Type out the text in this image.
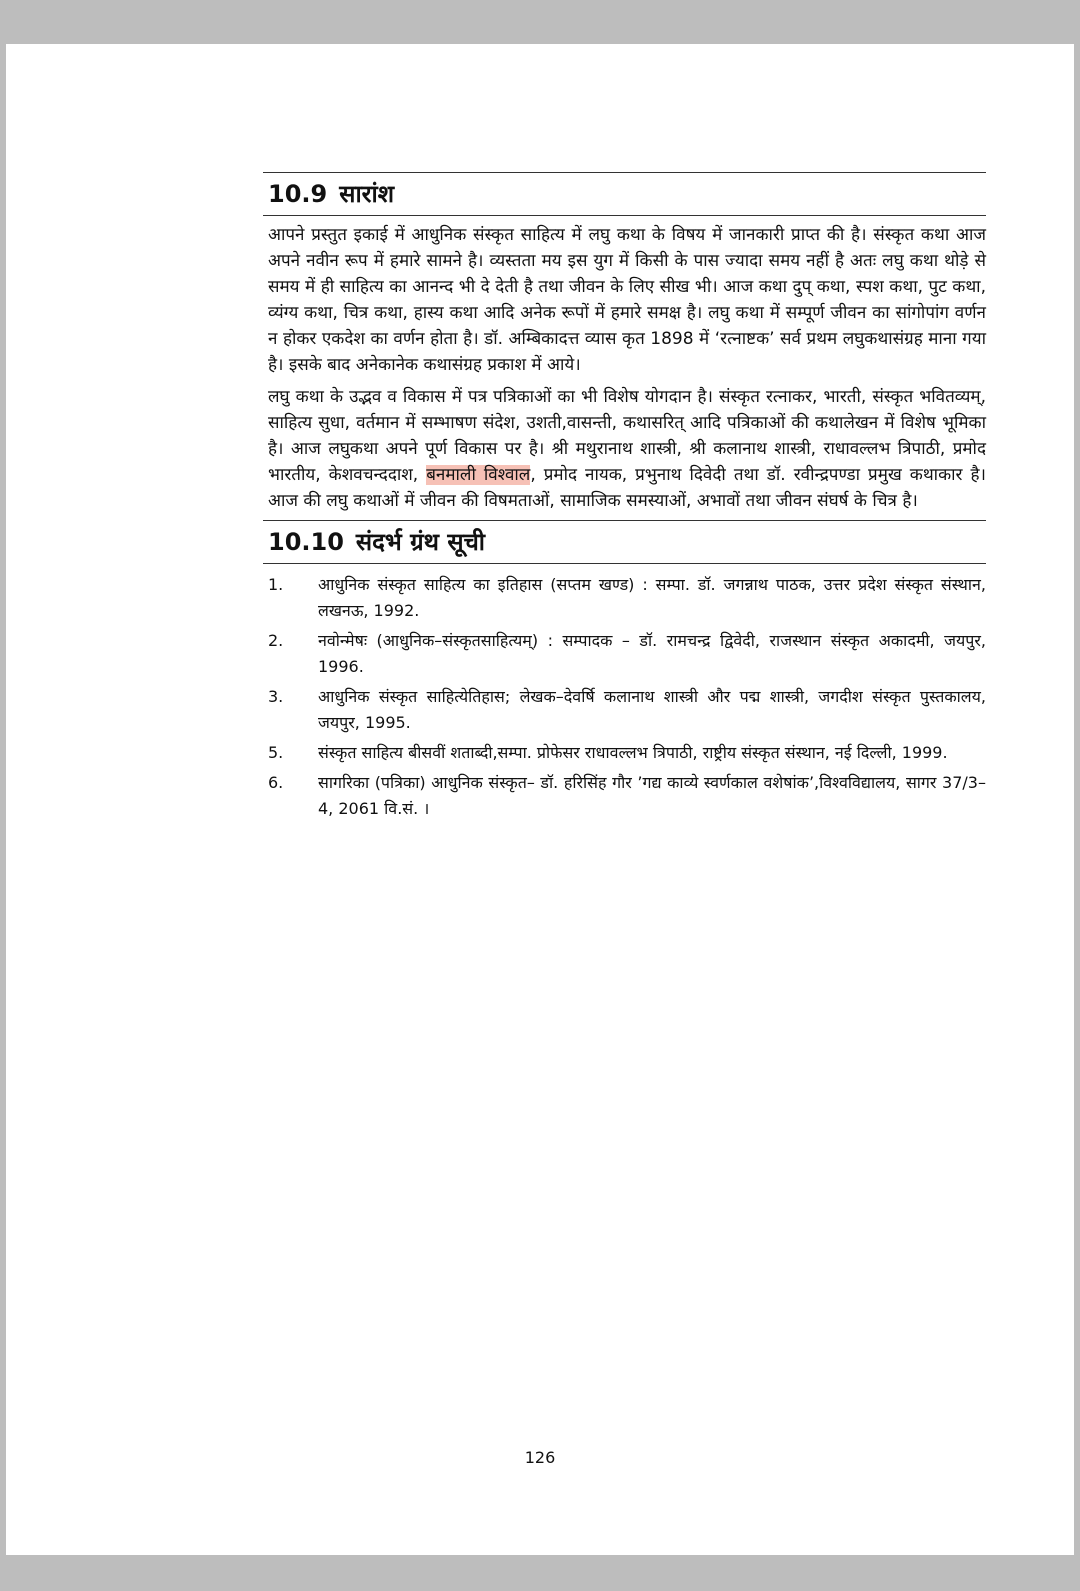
10.9 सारांश

आपने प्रस्तुत इकाई में आधुनिक संस्कृत साहित्य में लघु कथा के विषय में जानकारी प्राप्त की है। संस्कृत कथा आज अपने नवीन रूप में हमारे सामने है। व्यस्तता मय इस युग में किसी के पास ज्यादा समय नहीं है अतः लघु कथा थोड़े से समय में ही साहित्य का आनन्द भी दे देती है तथा जीवन के लिए सीख भी। आज कथा दुप् कथा, स्पश कथा, पुट कथा, व्यंग्य कथा, चित्र कथा, हास्य कथा आदि अनेक रूपों में हमारे समक्ष है। लघु कथा में सम्पूर्ण जीवन का सांगोपांग वर्णन न होकर एकदेश का वर्णन होता है। डॉ. अम्बिकादत्त व्यास कृत 1898 में ‘रत्नाष्टक’ सर्व प्रथम लघुकथासंग्रह माना गया है। इसके बाद अनेकानेक कथासंग्रह प्रकाश में आये।

लघु कथा के उद्भव व विकास में पत्र पत्रिकाओं का भी विशेष योगदान है। संस्कृत रत्नाकर, भारती, संस्कृत भवितव्यम्, साहित्य सुधा, वर्तमान में सम्भाषण संदेश, उशती,वासन्ती, कथासरित् आदि पत्रिकाओं की कथालेखन में विशेष भूमिका है। आज लघुकथा अपने पूर्ण विकास पर है। श्री मथुरानाथ शास्त्री, श्री कलानाथ शास्त्री, राधावल्लभ त्रिपाठी, प्रमोद भारतीय, केशवचन्ददाश, बनमाली विश्वाल, प्रमोद नायक, प्रभुनाथ दिवेदी तथा डॉ. रवीन्द्रपण्डा प्रमुख कथाकार है। आज की लघु कथाओं में जीवन की विषमताओं, सामाजिक समस्याओं, अभावों तथा जीवन संघर्ष के चित्र है।

10.10 संदर्भ ग्रंथ सूची
1.	आधुनिक संस्कृत साहित्य का इतिहास (सप्तम खण्ड) : सम्पा. डॉ. जगन्नाथ पाठक, उत्तर प्रदेश संस्कृत संस्थान, लखनऊ, 1992.
2.	नवोन्मेषः (आधुनिक–संस्कृतसाहित्यम्) : सम्पादक – डॉ. रामचन्द्र द्विवेदी, राजस्थान संस्कृत अकादमी, जयपुर, 1996.
3.	आधुनिक संस्कृत साहित्येतिहास; लेखक–देवर्षि कलानाथ शास्त्री और पद्म शास्त्री, जगदीश संस्कृत पुस्तकालय, जयपुर, 1995.
5.	संस्कृत साहित्य बीसवीं शताब्दी,सम्पा. प्रोफेसर राधावल्लभ त्रिपाठी, राष्ट्रीय संस्कृत संस्थान, नई दिल्ली, 1999.
6.	सागरिका (पत्रिका) आधुनिक संस्कृत– डॉ. हरिसिंह गौर ’गद्य काव्ये स्वर्णकाल वशेषांक’,विश्वविद्यालय, सागर 37/3–4, 2061 वि.सं. ।
126
